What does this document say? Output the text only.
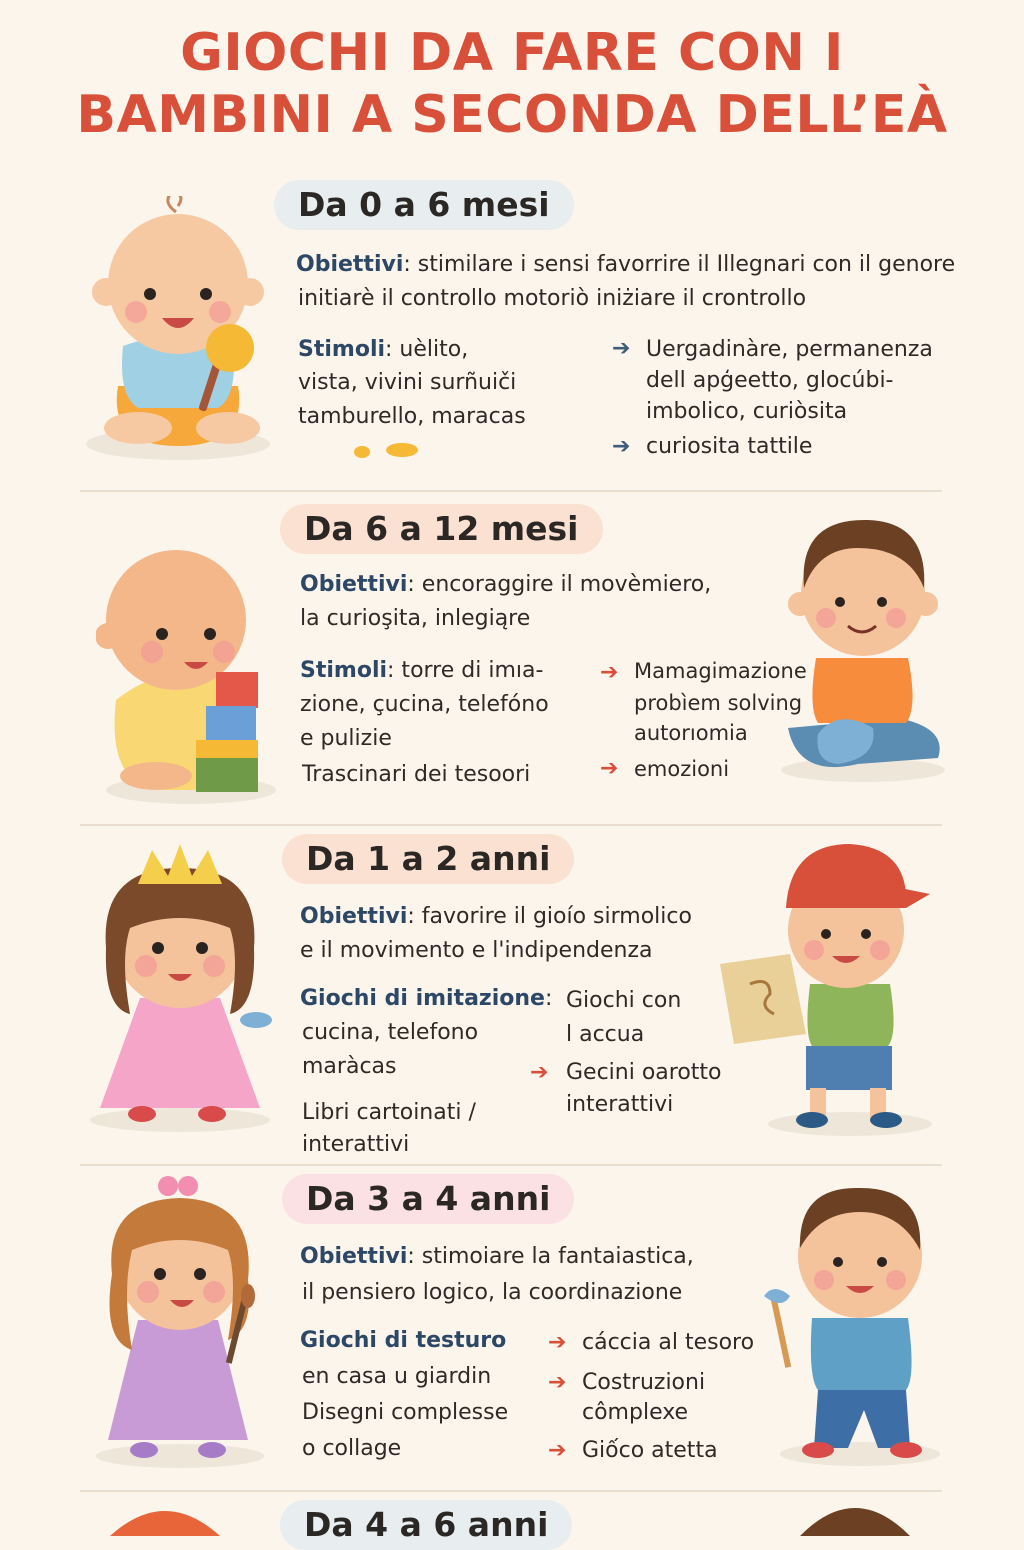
GIOCHI DA FARE CON I
BAMBINI A SECONDA DELL’EÀ
Da 0 a 6 mesi
Obiettivi: stimilare i sensi favorrire il Illegnari con il genore
initiarè il controllo motoriò iniżiare il crontrollo
Stimoli: uèlito,
vista, vivini surñuiči
tamburello, maracas
➔ Uergadinàre, permanenza
dell apģeetto, glocúbi-
imbolico, curiòsita
➔ curiosita tattile
Da 6 a 12 mesi
Obiettivi: encoraggire il movèmiero,
la curioşita, inlegiąre
Stimoli: torre di imıa-
zione, çucina, telefóno
e pulizie
Trascinari dei tesoori
➔ Mamagimazione
probìem solving
autorıomia
➔ emozioni
Da 1 a 2 anni
Obiettivi: favorire il gioío sirmolico
e il movimento e l'indipendenza
Giochi di imitazione:
cucina, telefono
maràcas
Libri cartoinati /
interattivi
Giochi con
l accua
➔ Gecini oarotto
interattivi
Da 3 a 4 anni
Obiettivi: stimoiare la fantaiastica,
il pensiero logico, la coordinazione
Giochi di testuro
en casa u giardin
Disegni complesse
o collage
➔ cáccia al tesoro
➔ Costruzioni
cômplexe
➔ Giốco atetta
Da 4 a 6 anni
